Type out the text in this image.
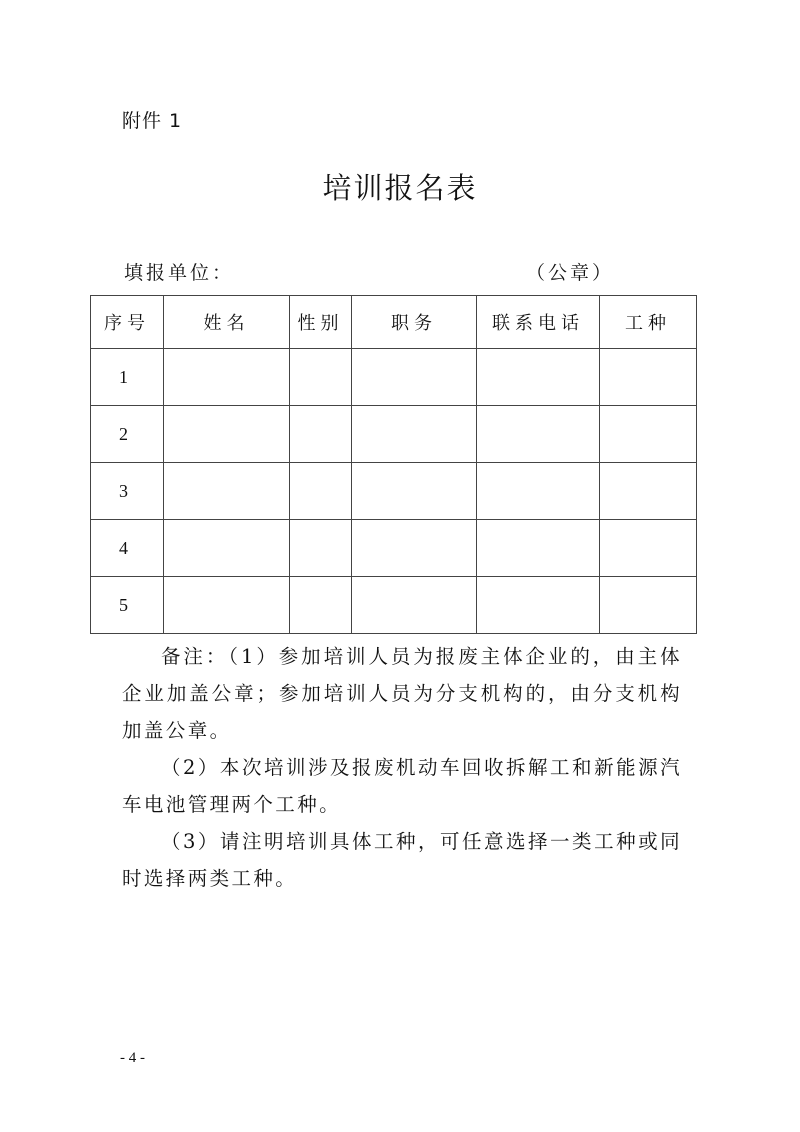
附件 1
培训报名表
填报单位：	（公章）
序号	姓名	性别	职务	联系电话	工种
1					
2					
3					
4					
5					

备注：（1）参加培训人员为报废主体企业的，由主体企业加盖公章；参加培训人员为分支机构的，由分支机构加盖公章。

（2）本次培训涉及报废机动车回收拆解工和新能源汽车电池管理两个工种。

（3）请注明培训具体工种，可任意选择一类工种或同时选择两类工种。

- 4 -
